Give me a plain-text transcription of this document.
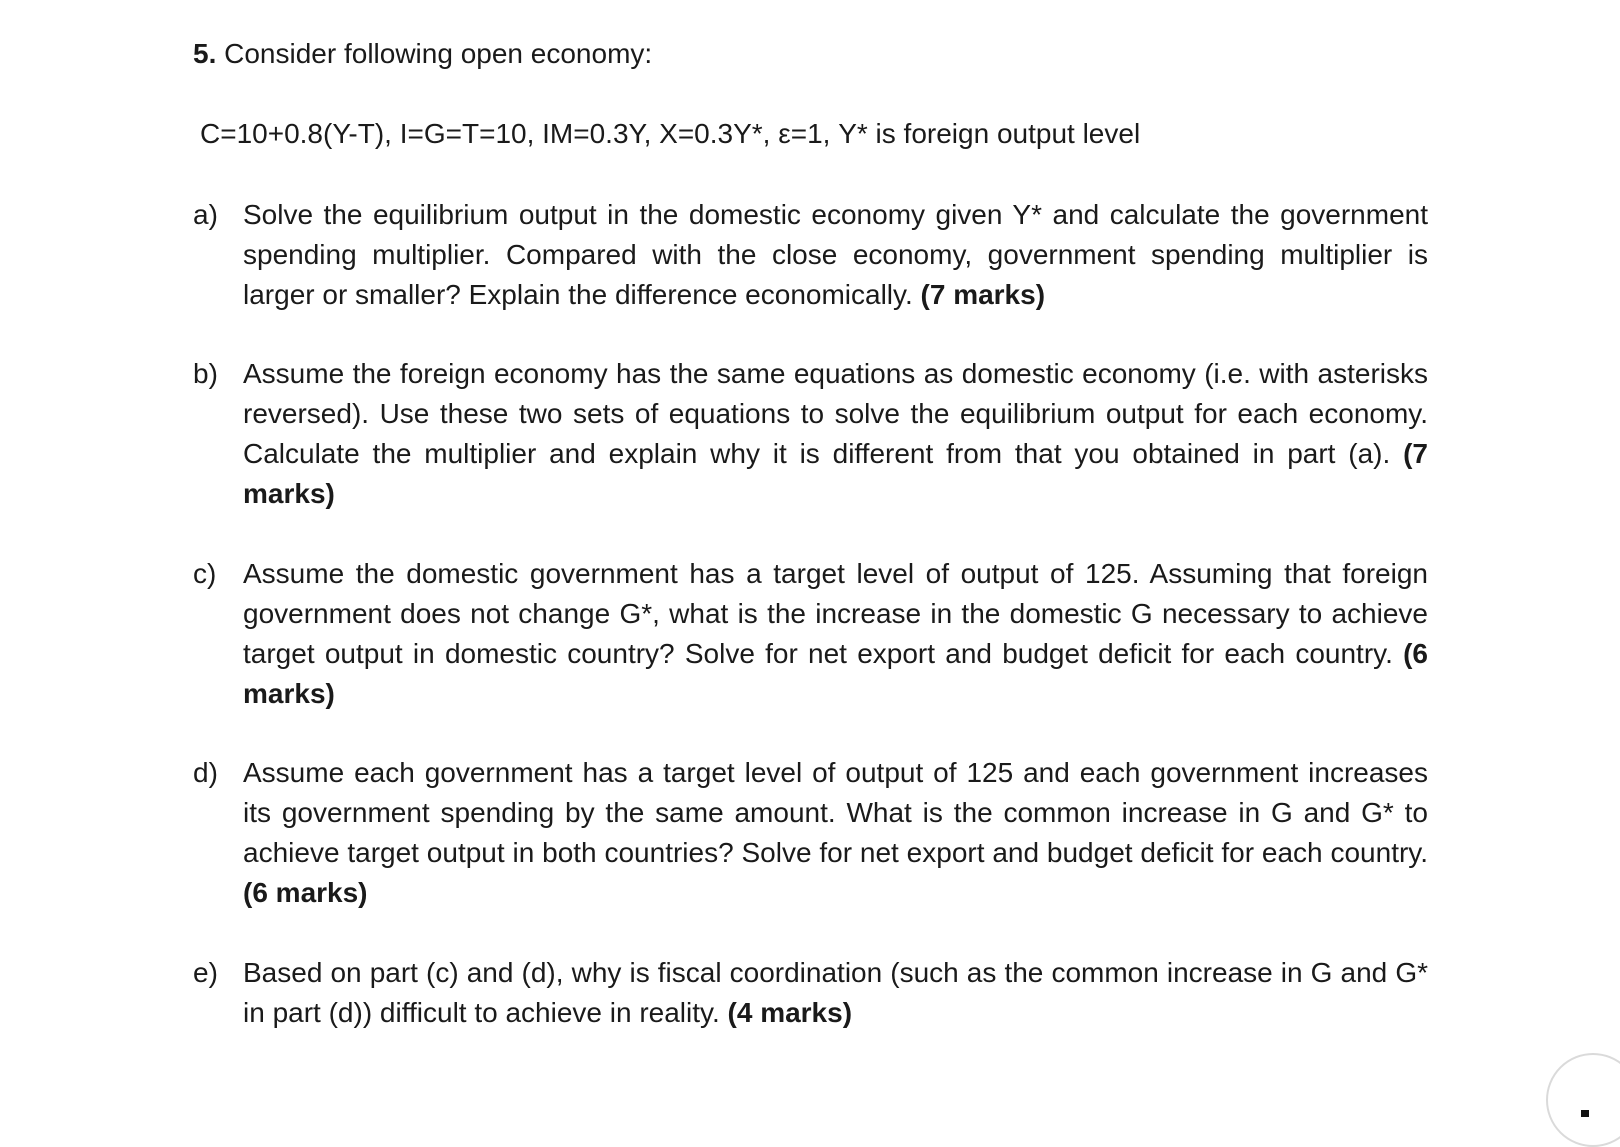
5. Consider following open economy:
C=10+0.8(Y-T), I=G=T=10, IM=0.3Y, X=0.3Y*, ε=1, Y* is foreign output level
a) Solve the equilibrium output in the domestic economy given Y* and calculate the government spending multiplier. Compared with the close economy, government spending multiplier is larger or smaller? Explain the difference economically. (7 marks)
b) Assume the foreign economy has the same equations as domestic economy (i.e. with asterisks reversed). Use these two sets of equations to solve the equilibrium output for each economy. Calculate the multiplier and explain why it is different from that you obtained in part (a). (7 marks)
c) Assume the domestic government has a target level of output of 125. Assuming that foreign government does not change G*, what is the increase in the domestic G necessary to achieve target output in domestic country? Solve for net export and budget deficit for each country. (6 marks)
d) Assume each government has a target level of output of 125 and each government increases its government spending by the same amount. What is the common increase in G and G* to achieve target output in both countries? Solve for net export and budget deficit for each country. (6 marks)
e) Based on part (c) and (d), why is fiscal coordination (such as the common increase in G and G* in part (d)) difficult to achieve in reality. (4 marks)
